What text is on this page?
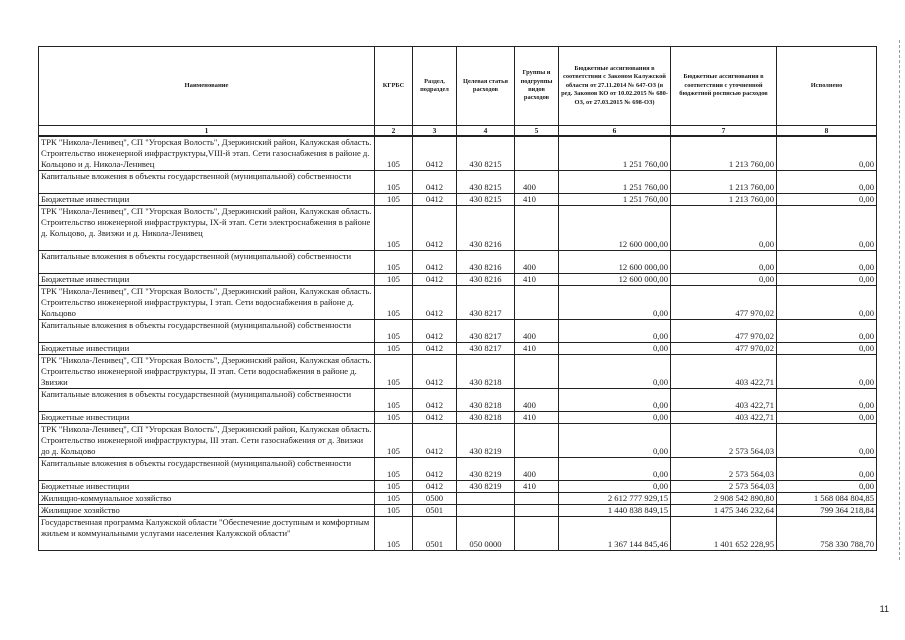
Наименование	КГРБС	Раздел, подраздел	Целевая статья расходов	Группы и подгруппы видов расходов	Бюджетные ассигнования в соответствии с Законом Калужской области от 27.11.2014 № 647-ОЗ (в ред. Законов КО от 10.02.2015 № 680-ОЗ, от 27.03.2015 № 698-ОЗ)	Бюджетные ассигнования в соответствии с уточненной бюджетной росписью расходов	Исполнено
1	2	3	4	5	6	7	8
ТРК "Никола-Ленивец", СП "Угорская Волость", Дзержинский район, Калужская область. Строительство инженерной инфраструктуры,VIII-й этап. Сети газоснабжения в районе д. Кольцово и д. Никола-Ленивец	105	0412	430 8215		1 251 760,00	1 213 760,00	0,00
Капитальные вложения в объекты государственной (муниципальной) собственности	105	0412	430 8215	400	1 251 760,00	1 213 760,00	0,00
Бюджетные инвестиции	105	0412	430 8215	410	1 251 760,00	1 213 760,00	0,00
ТРК "Никола-Ленивец", СП "Угорская Волость", Дзержинский район, Калужская область. Строительство инженерной инфраструктуры, IX-й этап. Сети электроснабжения в районе д. Кольцово, д. Звизжи и д. Никола-Ленивец	105	0412	430 8216		12 600 000,00	0,00	0,00
Капитальные вложения в объекты государственной (муниципальной) собственности	105	0412	430 8216	400	12 600 000,00	0,00	0,00
Бюджетные инвестиции	105	0412	430 8216	410	12 600 000,00	0,00	0,00
ТРК "Никола-Ленивец", СП "Угорская Волость", Дзержинский район, Калужская область. Строительство инженерной инфраструктуры, I этап. Сети водоснабжения в районе д. Кольцово	105	0412	430 8217		0,00	477 970,02	0,00
Капитальные вложения в объекты государственной (муниципальной) собственности	105	0412	430 8217	400	0,00	477 970,02	0,00
Бюджетные инвестиции	105	0412	430 8217	410	0,00	477 970,02	0,00
ТРК "Никола-Ленивец", СП "Угорская Волость", Дзержинский район, Калужская область. Строительство инженерной инфраструктуры, II этап. Сети водоснабжения в районе д. Звизжи	105	0412	430 8218		0,00	403 422,71	0,00
Капитальные вложения в объекты государственной (муниципальной) собственности	105	0412	430 8218	400	0,00	403 422,71	0,00
Бюджетные инвестиции	105	0412	430 8218	410	0,00	403 422,71	0,00
ТРК "Никола-Ленивец", СП "Угорская Волость", Дзержинский район, Калужская область. Строительство инженерной инфраструктуры, III этап. Сети газоснабжения от д. Звизжи до д. Кольцово	105	0412	430 8219		0,00	2 573 564,03	0,00
Капитальные вложения в объекты государственной (муниципальной) собственности	105	0412	430 8219	400	0,00	2 573 564,03	0,00
Бюджетные инвестиции	105	0412	430 8219	410	0,00	2 573 564,03	0,00
Жилищно-коммунальное хозяйство	105	0500			2 612 777 929,15	2 908 542 890,80	1 568 084 804,85
Жилищное хозяйство	105	0501			1 440 838 849,15	1 475 346 232,64	799 364 218,84
Государственная программа Калужской области "Обеспечение доступным и комфортным жильем и коммунальными услугами населения Калужской области"	105	0501	050 0000		1 367 144 845,46	1 401 652 228,95	758 330 788,70
11
